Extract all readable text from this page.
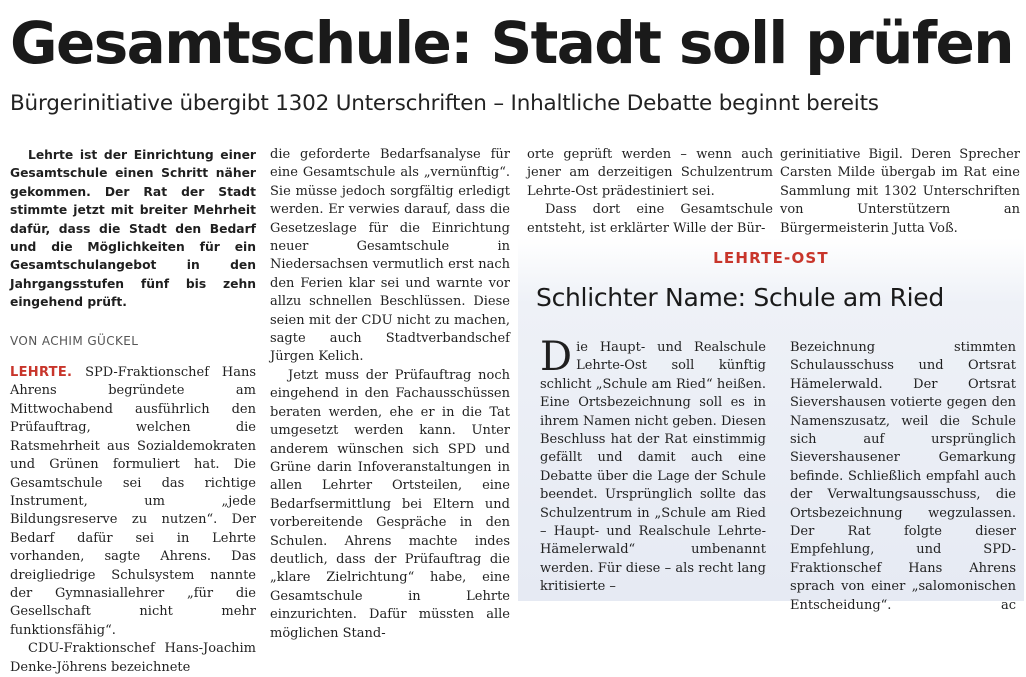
Gesamtschule: Stadt soll prüfen
Bürgerinitiative übergibt 1302 Unterschriften – Inhaltliche Debatte beginnt bereits

Lehrte ist der Einrichtung einer Gesamtschule einen Schritt näher gekommen. Der Rat der Stadt stimmte jetzt mit breiter Mehrheit dafür, dass die Stadt den Bedarf und die Möglichkeiten für ein Gesamtschulangebot in den Jahrgangsstufen fünf bis zehn eingehend prüft.

VON ACHIM GÜCKEL

LEHRTE. SPD-Fraktionschef Hans Ahrens begründete am Mittwochabend ausführlich den Prüfauftrag, welchen die Ratsmehrheit aus Sozialdemokraten und Grünen formuliert hat. Die Gesamtschule sei das richtige Instrument, um „jede Bildungsreserve zu nutzen“. Der Bedarf dafür sei in Lehrte vorhanden, sagte Ahrens. Das dreigliedrige Schulsystem nannte der Gymnasiallehrer „für die Gesellschaft nicht mehr funktionsfähig“.

CDU-Fraktionschef Hans-Joachim Denke-Jöhrens bezeichnete

die geforderte Bedarfsanalyse für eine Gesamtschule als „vernünftig“. Sie müsse jedoch sorgfältig erledigt werden. Er verwies darauf, dass die Gesetzeslage für die Einrichtung neuer Gesamtschule in Niedersachsen vermutlich erst nach den Ferien klar sei und warnte vor allzu schnellen Beschlüssen. Diese seien mit der CDU nicht zu machen, sagte auch Stadtverbandschef Jürgen Kelich.

Jetzt muss der Prüfauftrag noch eingehend in den Fachausschüssen beraten werden, ehe er in die Tat umgesetzt werden kann. Unter anderem wünschen sich SPD und Grüne darin Infoveranstaltungen in allen Lehrter Ortsteilen, eine Bedarfsermittlung bei Eltern und vorbereitende Gespräche in den Schulen. Ahrens machte indes deutlich, dass der Prüfauftrag die „klare Zielrichtung“ habe, eine Gesamtschule in Lehrte einzurichten. Dafür müssten alle möglichen Stand-

orte geprüft werden – wenn auch jener am derzeitigen Schulzentrum Lehrte-Ost prädestiniert sei.

Dass dort eine Gesamtschule entsteht, ist erklärter Wille der Bür-

gerinitiative Bigil. Deren Sprecher Carsten Milde übergab im Rat eine Sammlung mit 1302 Unterschriften von Unterstützern an Bürgermeisterin Jutta Voß.

LEHRTE-OST
Schlichter Name: Schule am Ried

Die Haupt- und Realschule Lehrte-Ost soll künftig schlicht „Schule am Ried“ heißen. Eine Ortsbezeichnung soll es in ihrem Namen nicht geben. Diesen Beschluss hat der Rat einstimmig gefällt und damit auch eine Debatte über die Lage der Schule beendet. Ursprünglich sollte das Schulzentrum in „Schule am Ried – Haupt- und Realschule Lehrte-Hämelerwald“ umbenannt werden. Für diese – als recht lang kritisierte –

Bezeichnung stimmten Schulausschuss und Ortsrat Hämelerwald. Der Ortsrat Sievershausen votierte gegen den Namenszusatz, weil die Schule sich auf ursprünglich Sievershausener Gemarkung befinde. Schließlich empfahl auch der Verwaltungsausschuss, die Ortsbezeichnung wegzulassen. Der Rat folgte dieser Empfehlung, und SPD-Fraktionschef Hans Ahrens sprach von einer „salomonischen Entscheidung“.	ac
